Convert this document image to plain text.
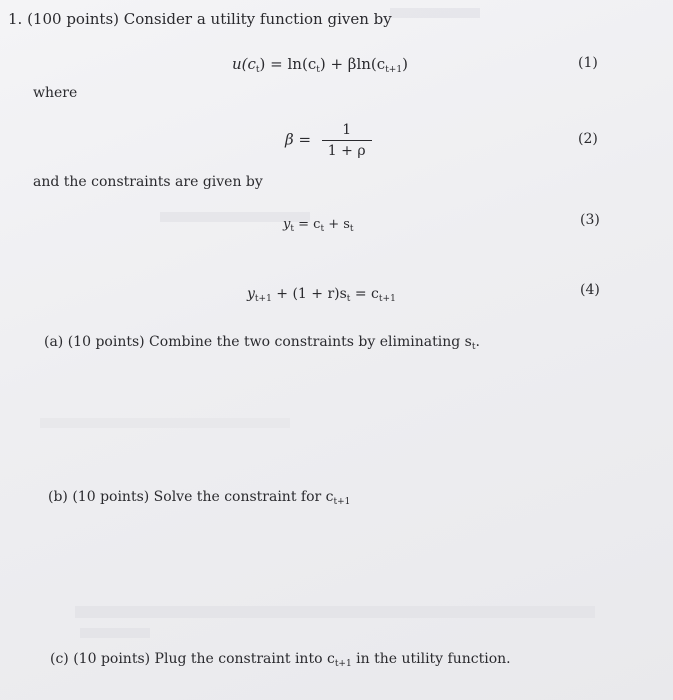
1. (100 points) Consider a utility function given by
$u(c_t) = \ln(c_t) + \beta\ln(c_{t+1})$	(1)
where
$\beta = \frac{1}{1 + \rho}$	(2)
and the constraints are given by
$y_t = c_t + s_t$
(3)
$y_{t+1} + (1 + r)s_t = c_{t+1}$
(4)
(a) (10 points) Combine the two constraints by eliminating $s_t$.
(b) (10 points) Solve the constraint for $c_{t+1}$
(c) (10 points) Plug the constraint into $c_{t+1}$ in the utility function.
